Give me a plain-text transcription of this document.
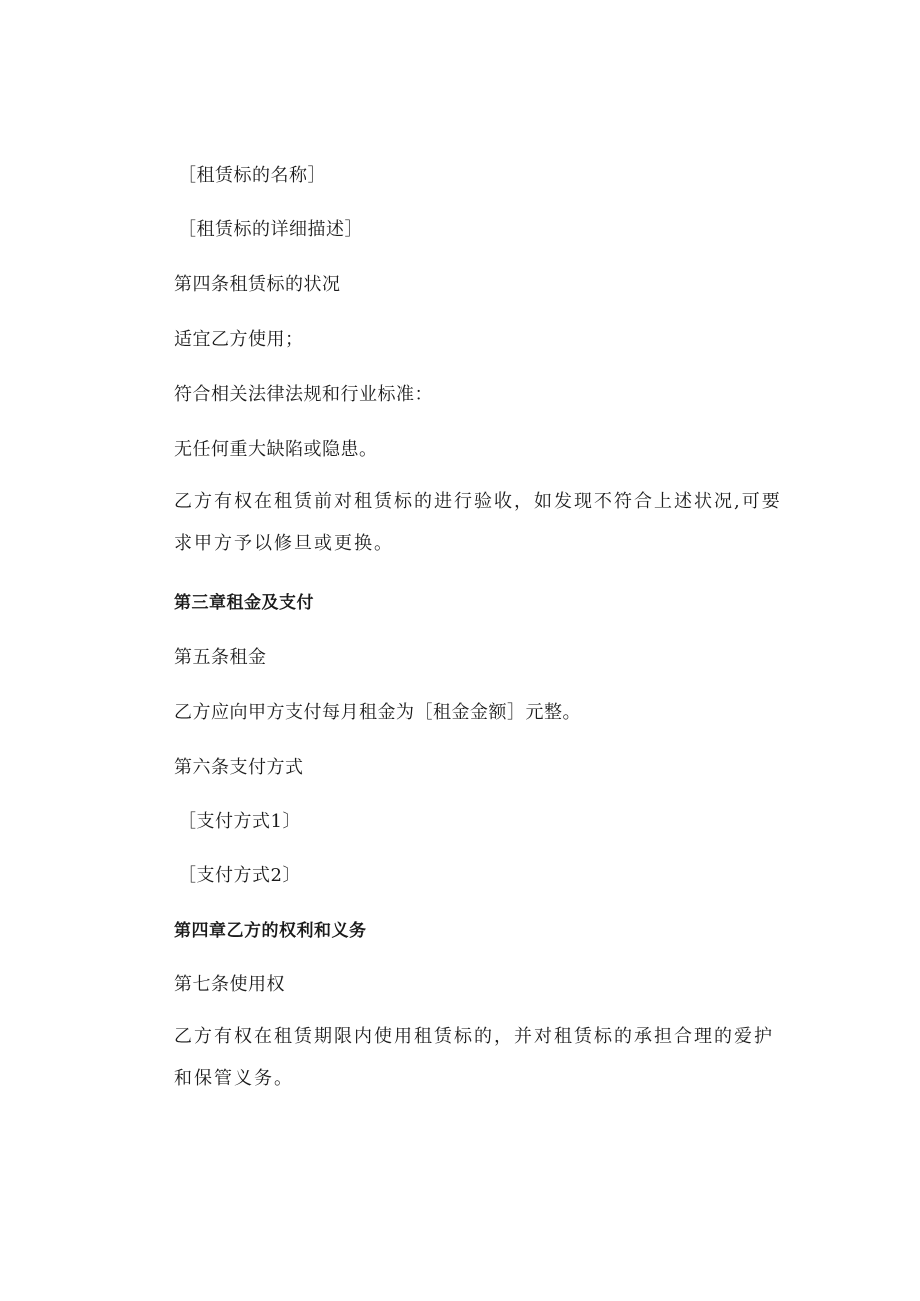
［租赁标的名称］
［租赁标的详细描述］
第四条租赁标的状况
适宜乙方使用；
符合相关法律法规和行业标准：
无任何重大缺陷或隐患。
乙方有权在租赁前对租赁标的进行验收，如发现不符合上述状况,可要求甲方予以修旦或更换。
第三章租金及支付
第五条租金
乙方应向甲方支付每月租金为［租金金额］元整。
第六条支付方式
［支付方式1〕
［支付方式2〕
第四章乙方的权利和义务
第七条使用权
乙方有权在租赁期限内使用租赁标的，并对租赁标的承担合理的爱护和保管义务。
